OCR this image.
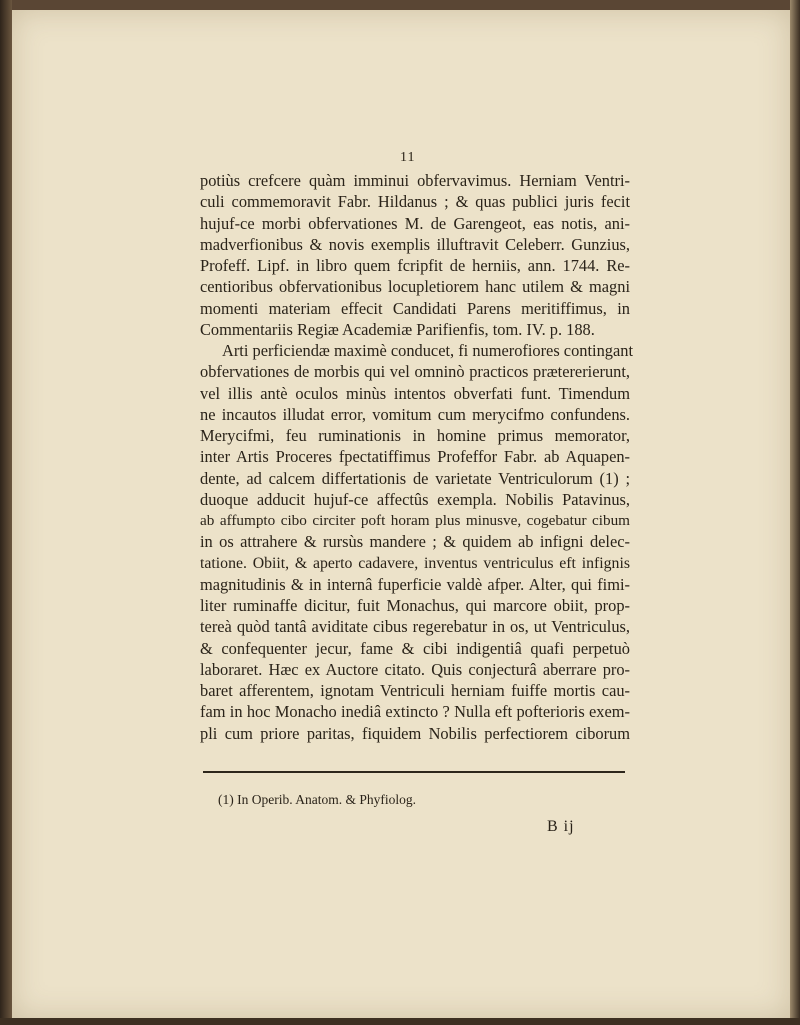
11
potiùs crefcere quàm imminui obfervavimus. Herniam Ventri-
culi commemoravit Fabr. Hildanus ; & quas publici juris fecit
hujuf-ce morbi obfervationes M. de Garengeot, eas notis, ani-
madverfionibus & novis exemplis illuftravit Celeberr. Gunzius,
Profeff. Lipf. in libro quem fcripfit de herniis, ann. 1744. Re-
centioribus obfervationibus locupletiorem hanc utilem & magni
momenti materiam effecit Candidati Parens meritiffimus, in
Commentariis Regiæ Academiæ Parifienfis, tom. IV. p. 188.
Arti perficiendæ maximè conducet, fi numerofiores contingant
obfervationes de morbis qui vel omninò practicos prætererierunt,
vel illis antè oculos minùs intentos obverfati funt. Timendum
ne incautos illudat error, vomitum cum merycifmo confundens.
Merycifmi, feu ruminationis in homine primus memorator,
inter Artis Proceres fpectatiffimus Profeffor Fabr. ab Aquapen-
dente, ad calcem differtationis de varietate Ventriculorum (1) ;
duoque adducit hujuf-ce affectûs exempla. Nobilis Patavinus,
ab affumpto cibo circiter poft horam plus minusve, cogebatur cibum
in os attrahere & rursùs mandere ; & quidem ab infigni delec-
tatione. Obiit, & aperto cadavere, inventus ventriculus eft infignis
magnitudinis & in internâ fuperficie valdè afper. Alter, qui fimi-
liter ruminaffe dicitur, fuit Monachus, qui marcore obiit, prop-
tereà quòd tantâ aviditate cibus regerebatur in os, ut Ventriculus,
& confequenter jecur, fame & cibi indigentiâ quafi perpetuò
laboraret. Hæc ex Auctore citato. Quis conjecturâ aberrare pro-
baret afferentem, ignotam Ventriculi herniam fuiffe mortis cau-
fam in hoc Monacho inediâ extincto ? Nulla eft pofterioris exem-
pli cum priore paritas, fiquidem Nobilis perfectiorem ciborum
(1) In Operib. Anatom. & Phyfiolog.
B ij
